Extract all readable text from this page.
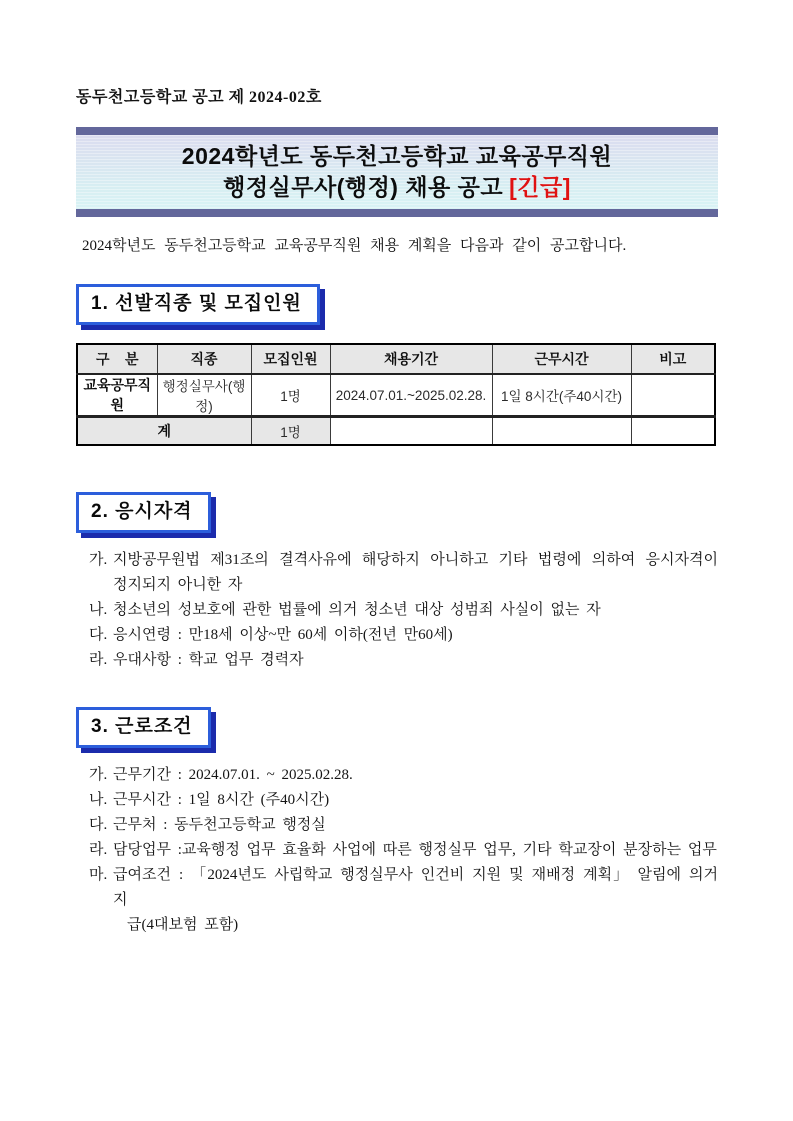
동두천고등학교 공고 제 2024-02호
2024학년도 동두천고등학교 교육공무직원
행정실무사(행정) 채용 공고 [긴급]
2024학년도 동두천고등학교 교육공무직원 채용 계획을 다음과 같이 공고합니다.
1. 선발직종 및 모집인원
구    분	직종	모집인원	채용기간	근무시간	비고
교육공무직원	행정실무사(행정)	1명	2024.07.01.~2025.02.28.	1일 8시간(주40시간)	
계		1명			
2. 응시자격
가. 지방공무원법 제31조의 결격사유에 해당하지 아니하고 기타 법령에 의하여 응시자격이
정지되지 아니한 자
나. 청소년의 성보호에 관한 법률에 의거 청소년 대상 성범죄 사실이 없는 자
다. 응시연령 : 만18세 이상~만 60세 이하(전년 만60세)
라. 우대사항 : 학교 업무 경력자
3. 근로조건
가. 근무기간 : 2024.07.01. ~ 2025.02.28.
나. 근무시간 : 1일 8시간 (주40시간)
다. 근무처 : 동두천고등학교 행정실
라. 담당업무 :교육행정 업무 효율화 사업에 따른 행정실무 업무, 기타 학교장이 분장하는 업무
마. 급여조건 : 「2024년도 사립학교 행정실무사 인건비 지원 및 재배정 계획」 알림에 의거 지
급(4대보험 포함)
